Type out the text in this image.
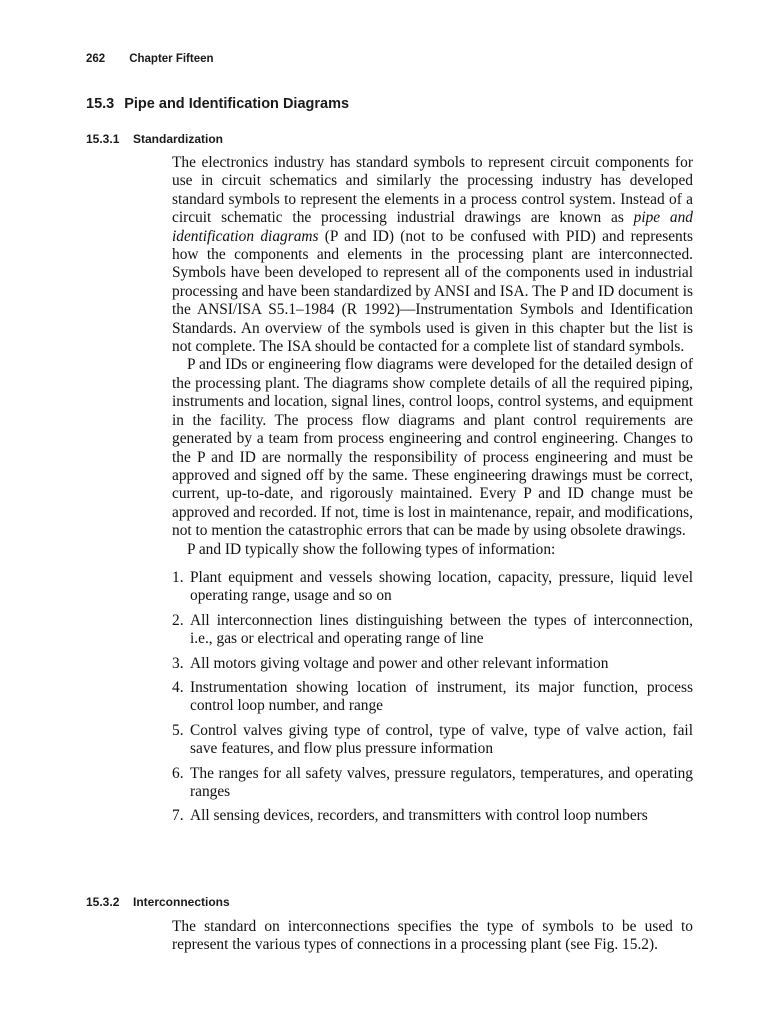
262 Chapter Fifteen
15.3 Pipe and Identification Diagrams
15.3.1	Standardization

The electronics industry has standard symbols to represent circuit components for use in circuit schematics and similarly the processing industry has developed standard symbols to represent the elements in a process control system. Instead of a circuit schematic the processing industrial drawings are known as pipe and identification diagrams (P and ID) (not to be confused with PID) and represents how the components and elements in the processing plant are interconnected. Symbols have been developed to represent all of the components used in industrial processing and have been standardized by ANSI and ISA. The P and ID document is the ANSI/ISA S5.1–1984 (R 1992)—Instrumentation Symbols and Identification Standards. An overview of the symbols used is given in this chapter but the list is not complete. The ISA should be contacted for a complete list of standard symbols.

P and IDs or engineering flow diagrams were developed for the detailed design of the processing plant. The diagrams show complete details of all the required piping, instruments and location, signal lines, control loops, control systems, and equipment in the facility. The process flow diagrams and plant control requirements are generated by a team from process engineering and control engineering. Changes to the P and ID are normally the responsibility of process engineering and must be approved and signed off by the same. These engineering drawings must be correct, current, up-to-date, and rigorously maintained. Every P and ID change must be approved and recorded. If not, time is lost in maintenance, repair, and modifications, not to mention the catastrophic errors that can be made by using obsolete drawings.

P and ID typically show the following types of information:

1. Plant equipment and vessels showing location, capacity, pressure, liquid level operating range, usage and so on
2. All interconnection lines distinguishing between the types of interconnection, i.e., gas or electrical and operating range of line
3. All motors giving voltage and power and other relevant information
4. Instrumentation showing location of instrument, its major function, process control loop number, and range
5. Control valves giving type of control, type of valve, type of valve action, fail save features, and flow plus pressure information
6. The ranges for all safety valves, pressure regulators, temperatures, and operating ranges
7. All sensing devices, recorders, and transmitters with control loop numbers
15.3.2	Interconnections

The standard on interconnections specifies the type of symbols to be used to represent the various types of connections in a processing plant (see Fig. 15.2).
